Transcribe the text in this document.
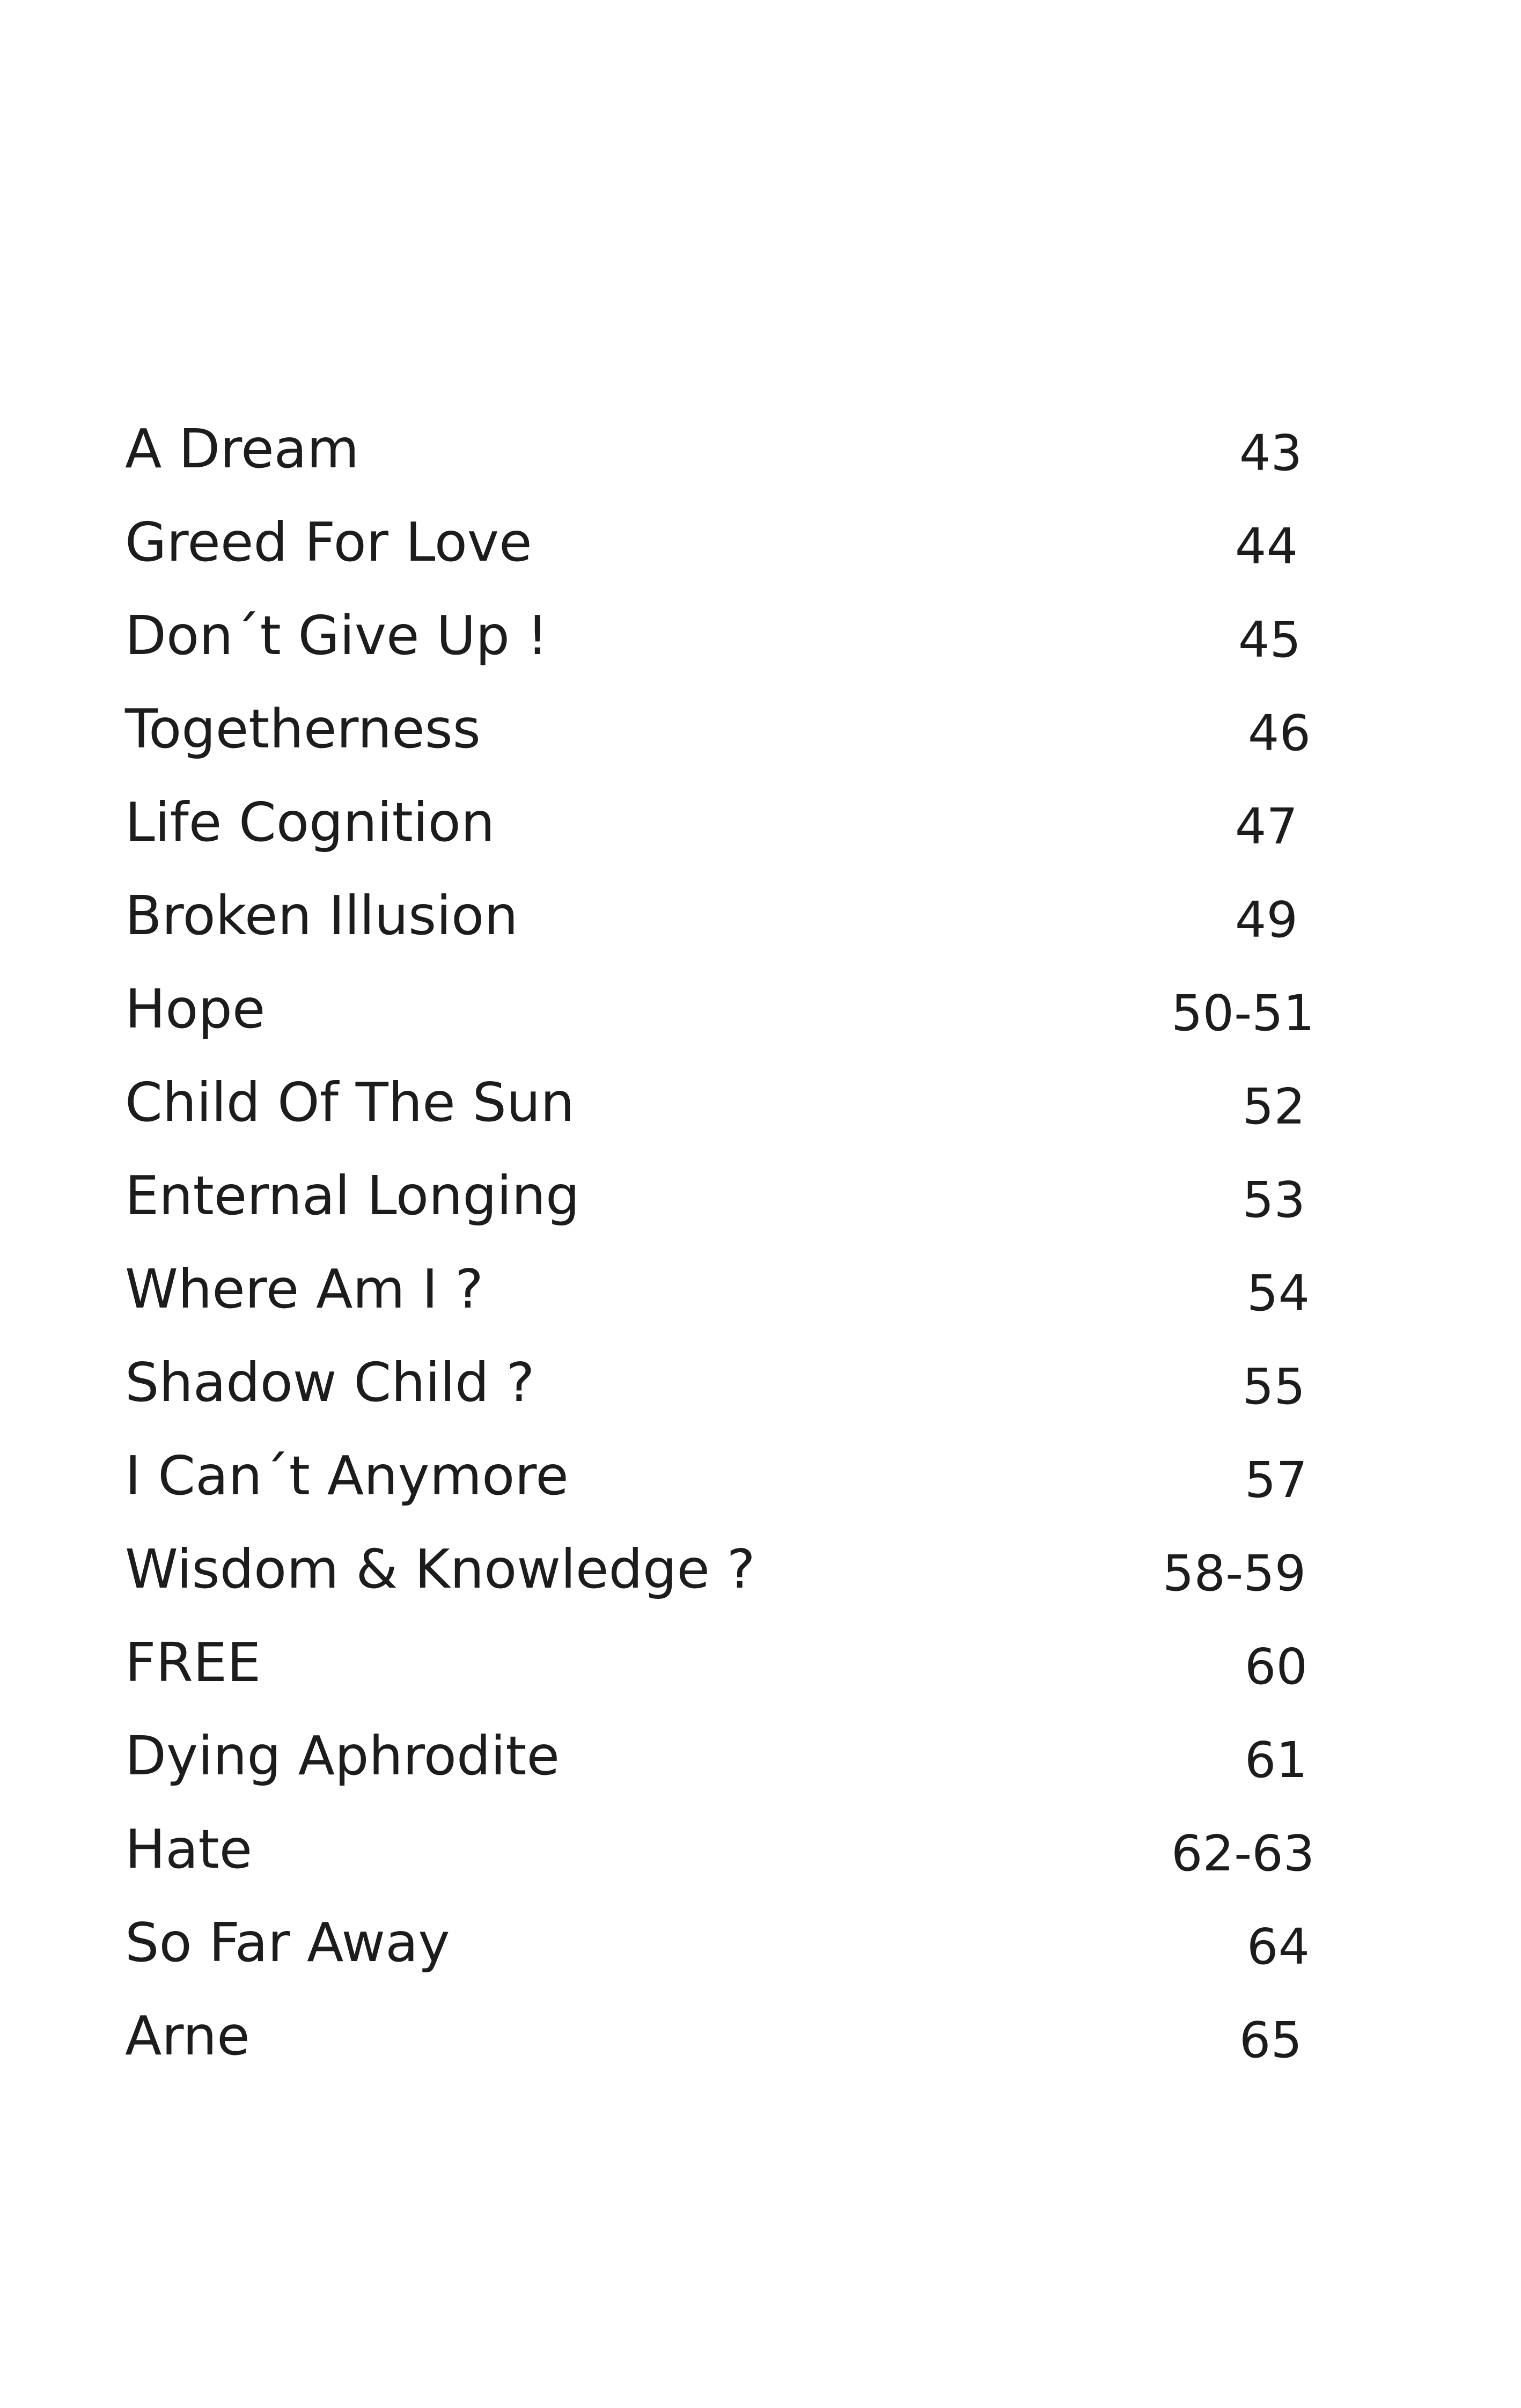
A Dream	43
Greed For Love	44
Don´t Give Up !	45
Togetherness	46
Life Cognition	47
Broken Illusion	49
Hope	50-51
Child Of The Sun	52
Enternal Longing	53
Where Am I ?	54
Shadow Child ?	55
I Can´t Anymore	57
Wisdom & Knowledge ?	58-59
FREE	60
Dying Aphrodite	61
Hate	62-63
So Far Away	64
Arne	65
